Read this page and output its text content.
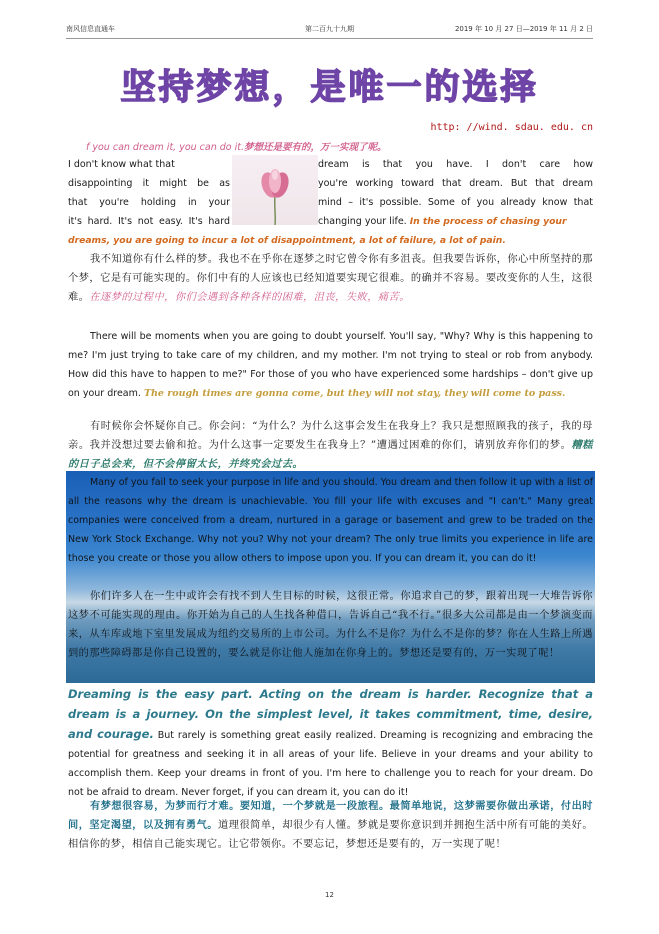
南风信息直通车	第二百九十九期	2019 年 10 月 27 日—2019 年 11 月 2 日
坚持梦想，是唯一的选择
http: //wind. sdau. edu. cn
f you can dream it, you can do it.梦想还是要有的，万一实现了呢。
I don't know what that	dream is that you have. I don't care how
disappointing it might be as	you're working toward that dream. But that dream
that you're holding in your	mind – it's possible. Some of you already know that
it's hard. It's not easy. It's hard	changing your life. In the process of chasing your
dreams, you are going to incur a lot of disappointment, a lot of failure, a lot of pain.

我不知道你有什么样的梦。我也不在乎你在逐梦之时它曾令你有多沮丧。但我要告诉你，你心中所坚持的那个梦，它是有可能实现的。你们中有的人应该也已经知道要实现它很难。的确并不容易。要改变你的人生，这很难。在逐梦的过程中，你们会遇到各种各样的困难，沮丧，失败，痛苦。

There will be moments when you are going to doubt yourself. You'll say, "Why? Why is this happening to me? I'm just trying to take care of my children, and my mother. I'm not trying to steal or rob from anybody. How did this have to happen to me?" For those of you who have experienced some hardships – don't give up on your dream. The rough times are gonna come, but they will not stay, they will come to pass.

有时候你会怀疑你自己。你会问：“为什么？为什么这事会发生在我身上？我只是想照顾我的孩子，我的母亲。我并没想过要去偷和抢。为什么这事一定要发生在我身上？”遭遇过困难的你们，请别放弃你们的梦。糟糕的日子总会来，但不会停留太长，并终究会过去。

Many of you fail to seek your purpose in life and you should. You dream and then follow it up with a list of all the reasons why the dream is unachievable. You fill your life with excuses and "I can't." Many great companies were conceived from a dream, nurtured in a garage or basement and grew to be traded on the New York Stock Exchange. Why not you? Why not your dream? The only true limits you experience in life are those you create or those you allow others to impose upon you. If you can dream it, you can do it!

你们许多人在一生中或许会有找不到人生目标的时候，这很正常。你追求自己的梦，跟着出现一大堆告诉你这梦不可能实现的理由。你开始为自己的人生找各种借口，告诉自己“我不行。”很多大公司都是由一个梦演变而来，从车库或地下室里发展成为纽约交易所的上市公司。为什么不是你？为什么不是你的梦？你在人生路上所遇到的那些障碍都是你自己设置的，要么就是你让他人施加在你身上的。梦想还是要有的，万一实现了呢！

Dreaming is the easy part. Acting on the dream is harder. Recognize that a dream is a journey. On the simplest level, it takes commitment, time, desire, and courage. But rarely is something great easily realized. Dreaming is recognizing and embracing the potential for greatness and seeking it in all areas of your life. Believe in your dreams and your ability to accomplish them. Keep your dreams in front of you. I'm here to challenge you to reach for your dream. Do not be afraid to dream. Never forget, if you can dream it, you can do it!

有梦想很容易，为梦而行才难。要知道，一个梦就是一段旅程。最简单地说，这梦需要你做出承诺，付出时间，坚定渴望，以及拥有勇气。道理很简单，却很少有人懂。梦就是要你意识到并拥抱生活中所有可能的美好。相信你的梦，相信自己能实现它。让它带领你。不要忘记，梦想还是要有的，万一实现了呢！

12
